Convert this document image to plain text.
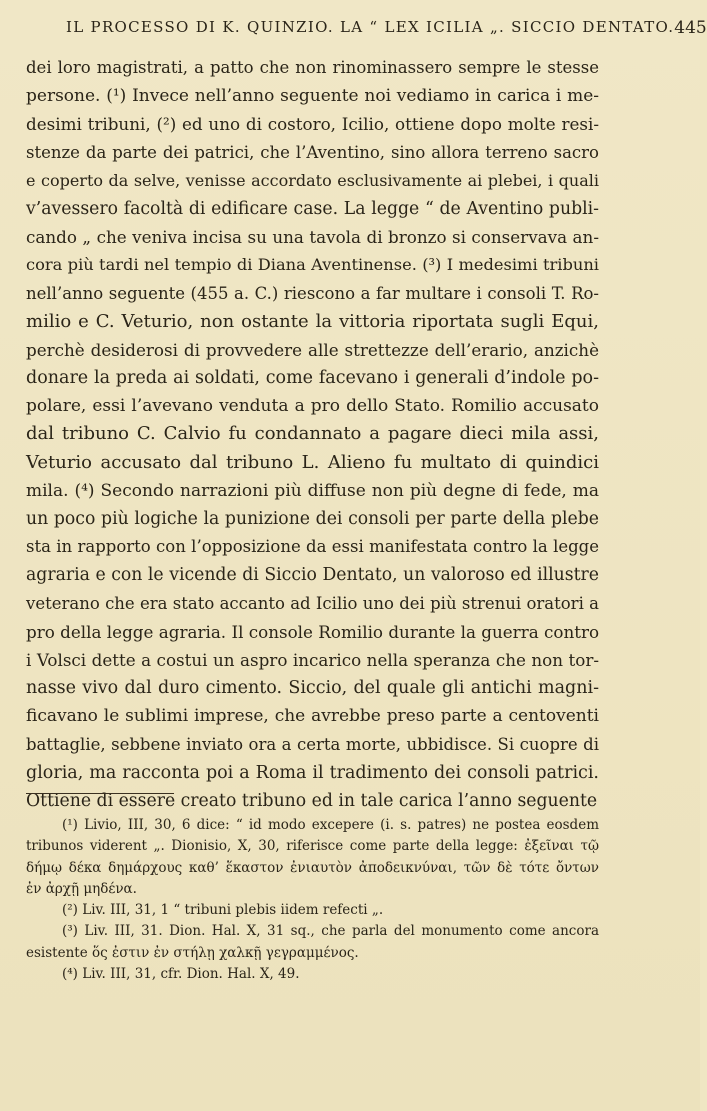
IL PROCESSO DI K. QUINZIO. LA “ LEX ICILIA „. SICCIO DENTATO. 445
dei loro magistrati, a patto che non rinominassero sempre le stesse
persone. (¹) Invece nell’anno seguente noi vediamo in carica i me-
desimi tribuni, (²) ed uno di costoro, Icilio, ottiene dopo molte resi-
stenze da parte dei patrici, che l’Aventino, sino allora terreno sacro
e coperto da selve, venisse accordato esclusivamente ai plebei, i quali
v’avessero facoltà di edificare case. La legge “ de Aventino publi-
cando „ che veniva incisa su una tavola di bronzo si conservava an-
cora più tardi nel tempio di Diana Aventinense. (³) I medesimi tribuni
nell’anno seguente (455 a. C.) riescono a far multare i consoli T. Ro-
milio e C. Veturio, non ostante la vittoria riportata sugli Equi,
perchè desiderosi di provvedere alle strettezze dell’erario, anzichè
donare la preda ai soldati, come facevano i generali d’indole po-
polare, essi l’avevano venduta a pro dello Stato. Romilio accusato
dal tribuno C. Calvio fu condannato a pagare dieci mila assi,
Veturio accusato dal tribuno L. Alieno fu multato di quindici
mila. (⁴) Secondo narrazioni più diffuse non più degne di fede, ma
un poco più logiche la punizione dei consoli per parte della plebe
sta in rapporto con l’opposizione da essi manifestata contro la legge
agraria e con le vicende di Siccio Dentato, un valoroso ed illustre
veterano che era stato accanto ad Icilio uno dei più strenui oratori a
pro della legge agraria. Il console Romilio durante la guerra contro
i Volsci dette a costui un aspro incarico nella speranza che non tor-
nasse vivo dal duro cimento. Siccio, del quale gli antichi magni-
ficavano le sublimi imprese, che avrebbe preso parte a centoventi
battaglie, sebbene inviato ora a certa morte, ubbidisce. Si cuopre di
gloria, ma racconta poi a Roma il tradimento dei consoli patrici.
Ottiene di essere creato tribuno ed in tale carica l’anno seguente
(¹) Livio, III, 30, 6 dice: “ id modo excepere (i. s. patres) ne postea eosdem
tribunos viderent „. Dionisio, X, 30, riferisce come parte della legge: ἐξεῖναι τῷ
δήμῳ δέκα δημάρχους καθ’ ἕκαστον ἐνιαυτὸν ἀποδεικνύναι, τῶν δὲ τότε ὄντων
ἐν ἀρχῇ μηδένα.
(²) Liv. III, 31, 1 “ tribuni plebis iidem refecti „.
(³) Liv. III, 31. Dion. Hal. X, 31 sq., che parla del monumento come ancora
esistente ὅς ἐστιν ἐν στήλῃ χαλκῇ γεγραμμένος.
(⁴) Liv. III, 31, cfr. Dion. Hal. X, 49.
